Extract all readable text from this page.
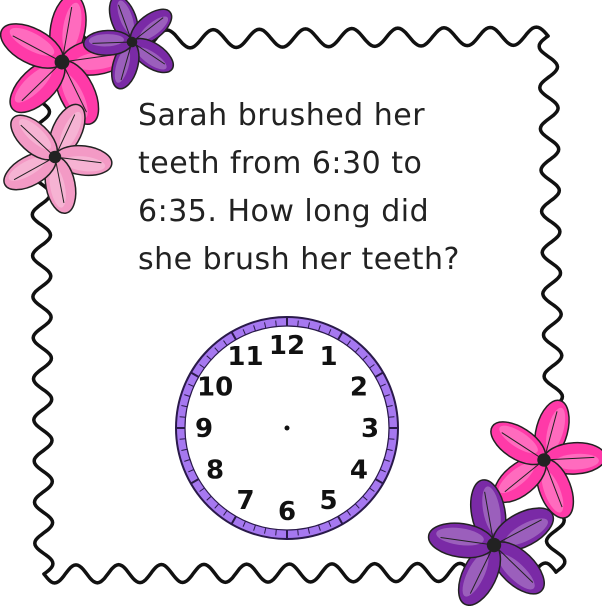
12 1
2
3
4
5
6
7
8
9
10
11
Sarah brushed her
teeth from 6:30 to
6:35. How long did
she brush her teeth?
